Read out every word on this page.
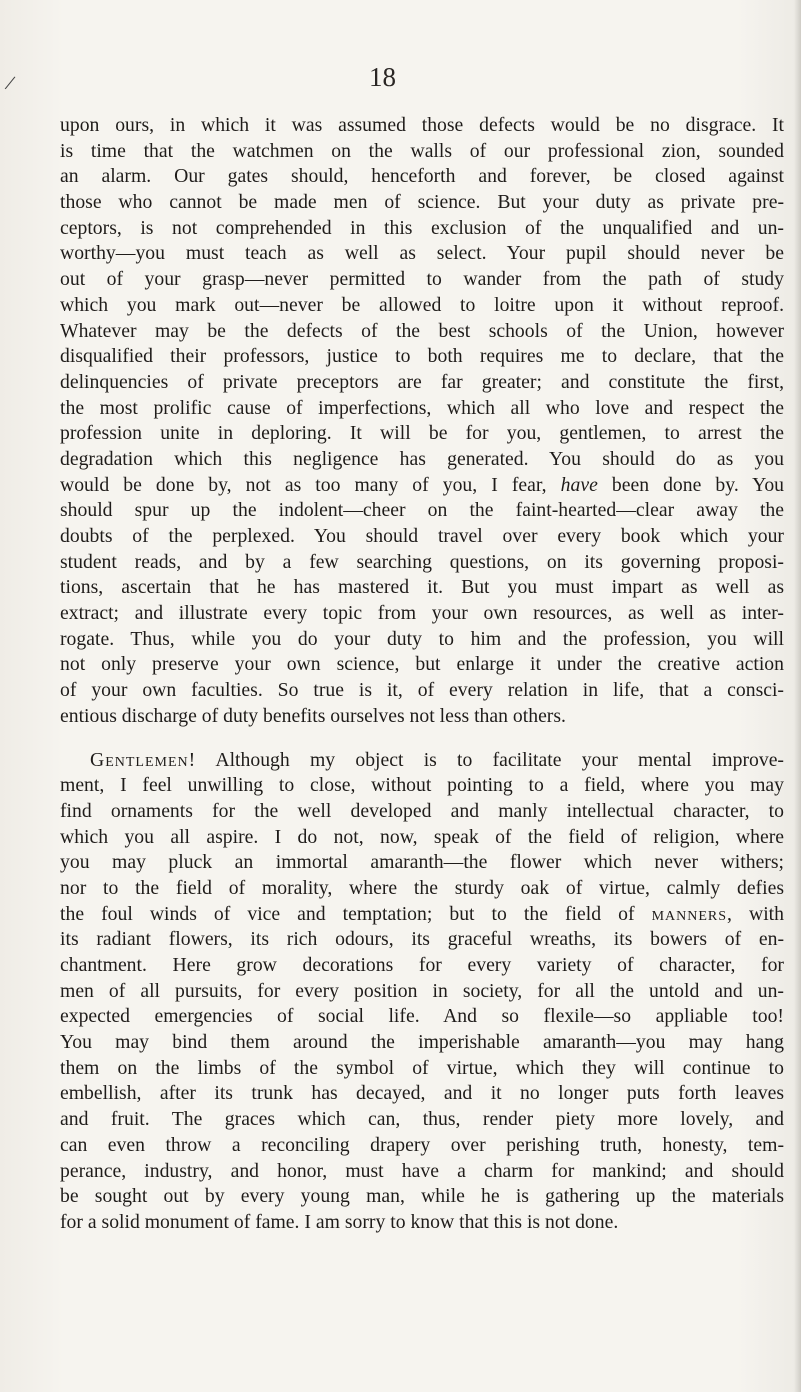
/	18
upon ours, in which it was assumed those defects would be no disgrace. It
is time that the watchmen on the walls of our professional zion, sounded
an alarm. Our gates should, henceforth and forever, be closed against
those who cannot be made men of science. But your duty as private pre-
ceptors, is not comprehended in this exclusion of the unqualified and un-
worthy—you must teach as well as select. Your pupil should never be
out of your grasp—never permitted to wander from the path of study
which you mark out—never be allowed to loitre upon it without reproof.
Whatever may be the defects of the best schools of the Union, however
disqualified their professors, justice to both requires me to declare, that the
delinquencies of private preceptors are far greater; and constitute the first,
the most prolific cause of imperfections, which all who love and respect the
profession unite in deploring. It will be for you, gentlemen, to arrest the
degradation which this negligence has generated. You should do as you
would be done by, not as too many of you, I fear, have been done by. You
should spur up the indolent—cheer on the faint-hearted—clear away the
doubts of the perplexed. You should travel over every book which your
student reads, and by a few searching questions, on its governing proposi-
tions, ascertain that he has mastered it. But you must impart as well as
extract; and illustrate every topic from your own resources, as well as inter-
rogate. Thus, while you do your duty to him and the profession, you will
not only preserve your own science, but enlarge it under the creative action
of your own faculties. So true is it, of every relation in life, that a consci-
entious discharge of duty benefits ourselves not less than others.
Gentlemen! Although my object is to facilitate your mental improve-
ment, I feel unwilling to close, without pointing to a field, where you may
find ornaments for the well developed and manly intellectual character, to
which you all aspire. I do not, now, speak of the field of religion, where
you may pluck an immortal amaranth—the flower which never withers;
nor to the field of morality, where the sturdy oak of virtue, calmly defies
the foul winds of vice and temptation; but to the field of manners, with
its radiant flowers, its rich odours, its graceful wreaths, its bowers of en-
chantment. Here grow decorations for every variety of character, for
men of all pursuits, for every position in society, for all the untold and un-
expected emergencies of social life. And so flexile—so appliable too!
You may bind them around the imperishable amaranth—you may hang
them on the limbs of the symbol of virtue, which they will continue to
embellish, after its trunk has decayed, and it no longer puts forth leaves
and fruit. The graces which can, thus, render piety more lovely, and
can even throw a reconciling drapery over perishing truth, honesty, tem-
perance, industry, and honor, must have a charm for mankind; and should
be sought out by every young man, while he is gathering up the materials
for a solid monument of fame. I am sorry to know that this is not done.
